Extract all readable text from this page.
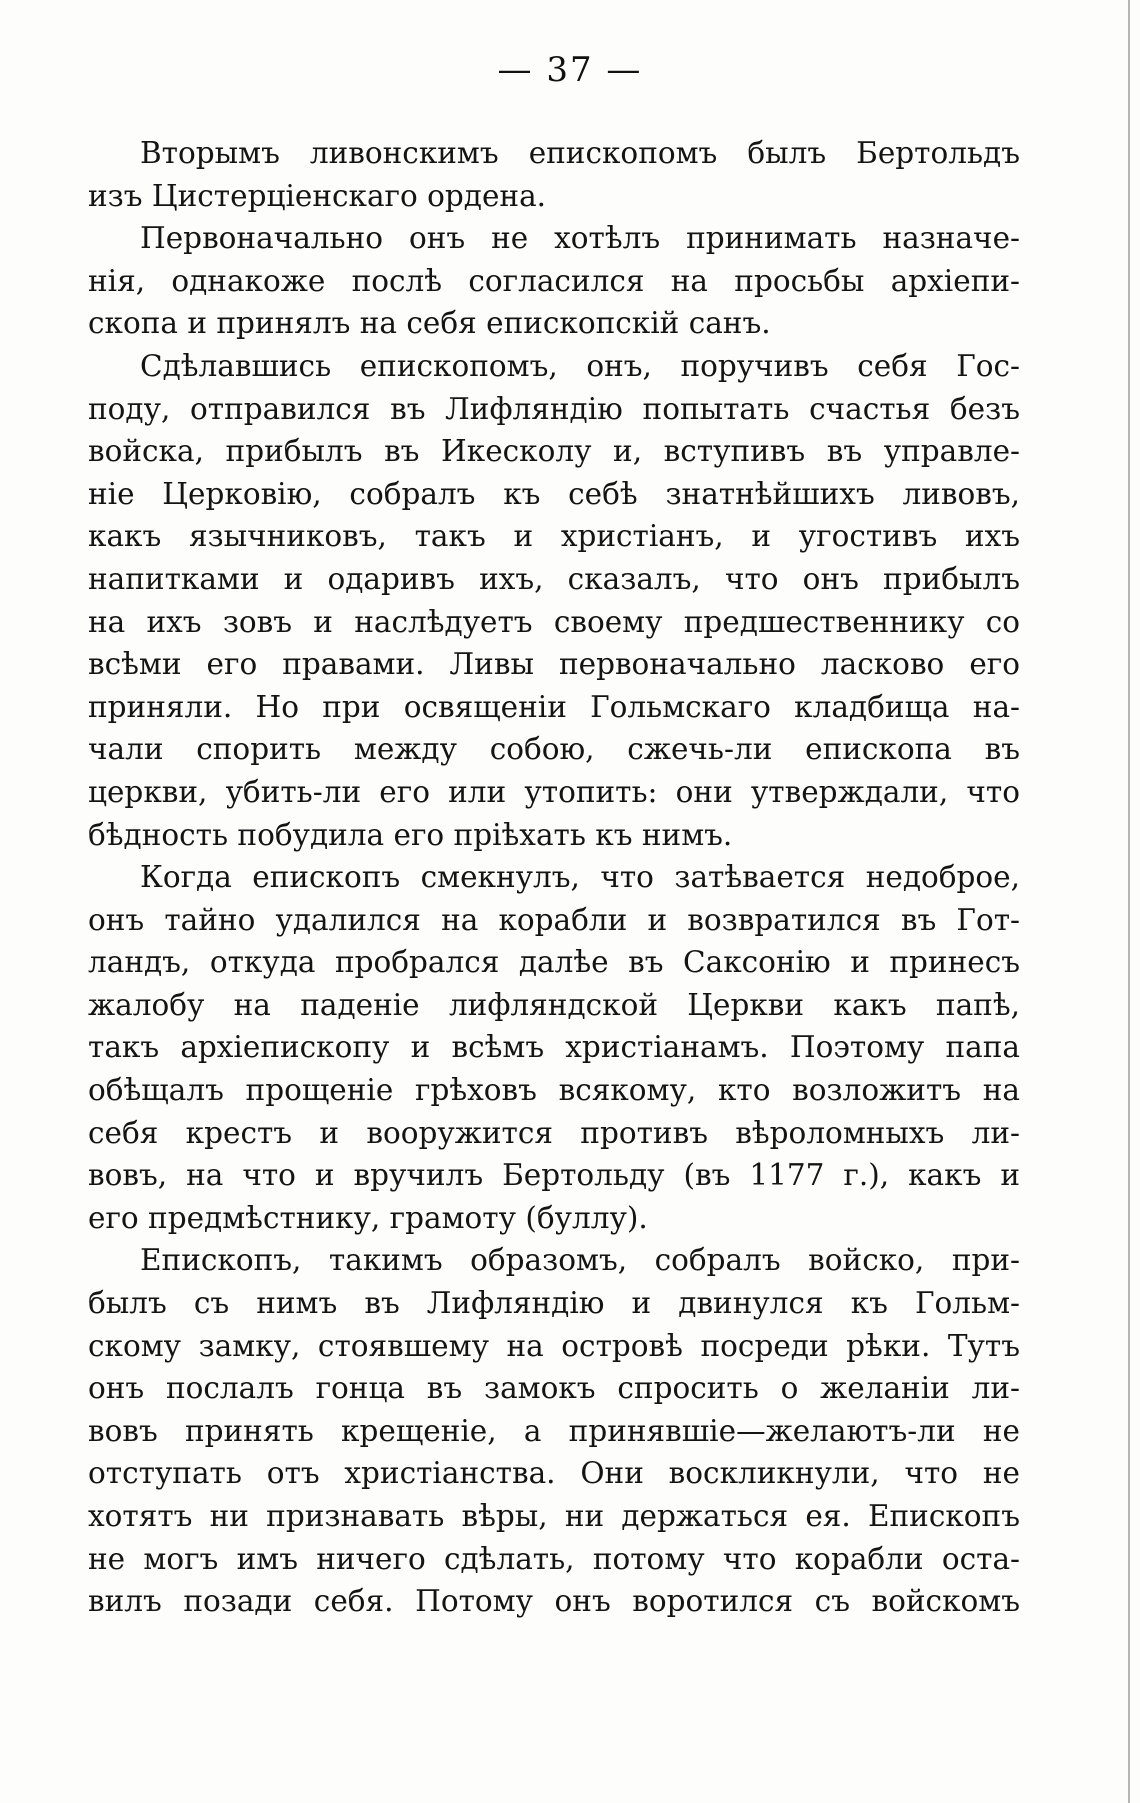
— 37 —

Вторымъ ливонскимъ епископомъ былъ Бертольдъ
изъ Цистерціенскаго ордена.

Первоначально онъ не хотѣлъ принимать назначе-
нія, однакоже послѣ согласился на просьбы архіепи-
скопа и принялъ на себя епископскій санъ.

Сдѣлавшись епископомъ, онъ, поручивъ себя Гос-
поду, отправился въ Лифляндію попытать счастья безъ
войска, прибылъ въ Икесколу и, вступивъ въ управле-
ніе Церковію, собралъ къ себѣ знатнѣйшихъ ливовъ,
какъ язычниковъ, такъ и христіанъ, и угостивъ ихъ
напитками и одаривъ ихъ, сказалъ, что онъ прибылъ
на ихъ зовъ и наслѣдуетъ своему предшественнику со
всѣми его правами. Ливы первоначально ласково его
приняли. Но при освященіи Гольмскаго кладбища на-
чали спорить между собою, сжечь-ли епископа въ
церкви, убить-ли его или утопить: они утверждали, что
бѣдность побудила его пріѣхать къ нимъ.

Когда епископъ смекнулъ, что затѣвается недоброе,
онъ тайно удалился на корабли и возвратился въ Гот-
ландъ, откуда пробрался далѣе въ Саксонію и принесъ
жалобу на паденіе лифляндской Церкви какъ папѣ,
такъ архіепископу и всѣмъ христіанамъ. Поэтому папа
обѣщалъ прощеніе грѣховъ всякому, кто возложитъ на
себя крестъ и вооружится противъ вѣроломныхъ ли-
вовъ, на что и вручилъ Бертольду (въ 1177 г.), какъ и
его предмѣстнику, грамоту (буллу).

Епископъ, такимъ образомъ, собралъ войско, при-
былъ съ нимъ въ Лифляндію и двинулся къ Гольм-
скому замку, стоявшему на островѣ посреди рѣки. Тутъ
онъ послалъ гонца въ замокъ спросить о желаніи ли-
вовъ принять крещеніе, а принявшіе—желаютъ-ли не
отступать отъ христіанства. Они воскликнули, что не
хотятъ ни признавать вѣры, ни держаться ея. Епископъ
не могъ имъ ничего сдѣлать, потому что корабли оста-
вилъ позади себя. Потому онъ воротился съ войскомъ
